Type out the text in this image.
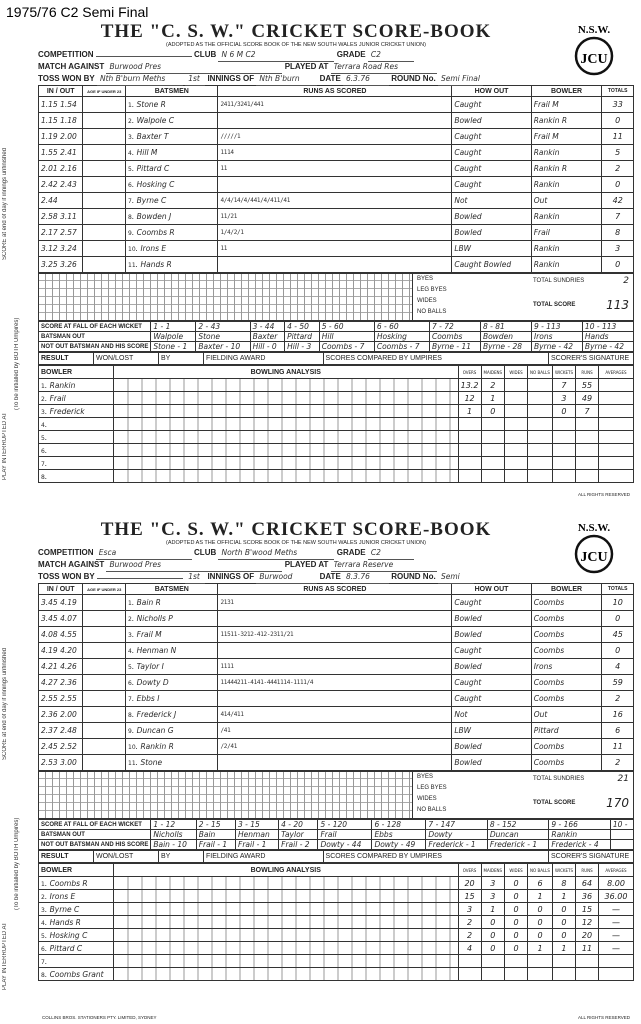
1975/76 C2 Semi Final
SCORE at end of day if innings unfinished
(To be initialled by BOTH Umpires)
PLAY INTERRUPTED AT
SCORE at end of day if innings unfinished
(To be initialled by BOTH Umpires)
PLAY INTERRUPTED AT
N.S.W.
JCU
THE "C. S. W." CRICKET SCORE-BOOK
(ADOPTED AS THE OFFICIAL SCORE BOOK OF THE NEW SOUTH WALES JUNIOR CRICKET UNION)
COMPETITION	CLUB N 6 M C2	GRADE C2
MATCH AGAINST Burwood Pres	PLAYED AT Terrara Road Res
TOSS WON BY Nth B'burn Meths	1st INNINGS OF Nth B'burn DATE 6.3.76	ROUND No. Semi Final
IN / OUT	AGE IF UNDER 23	BATSMEN	RUNS AS SCORED	HOW OUT	BOWLER	TOTALS
1.15 1.54		1. Stone R	2411/3241/441	Caught	Frail M	33
1.15 1.18		2. Walpole C		Bowled	Rankin R	0
1.19 2.00		3. Baxter T	/////1	Caught	Frail M	11
1.55 2.41		4. Hill M	1114	Caught	Rankin	5
2.01 2.16		5. Pittard C	11	Caught	Rankin R	2
2.42 2.43		6. Hosking C		Caught	Rankin	0
2.44		7. Byrne C	4/4/14/4/441/4/411/41	Not	Out	42
2.58 3.11		8. Bowden J	11/21	Bowled	Rankin	7
2.17 2.57		9. Coombs R	1/4/2/1	Bowled	Frail	8
3.12 3.24		10. Irons E	11	LBW	Rankin	3
3.25 3.26		11. Hands R		Caught Bowled	Rankin	0
BYES
LEG BYES
WIDES
NO BALLS
TOTAL SUNDRIES	2
TOTAL SCORE	113
SCORE AT FALL OF EACH WICKET	1 - 1	2 - 43	3 - 44	4 - 50	5 - 60	6 - 60	7 - 72	8 - 81	9 - 113	10 - 113
BATSMAN OUT	Walpole	Stone	Baxter	Pittard	Hill	Hosking	Coombs	Bowden	Irons	Hands
NOT OUT BATSMAN AND HIS SCORE	Stone - 1	Baxter - 10	Hill - 0	Hill - 3	Coombs - 7	Coombs - 7	Byrne - 11	Byrne - 28	Byrne - 42	Byrne - 42
RESULT	WON/LOST	BY	FIELDING AWARD	SCORES COMPARED BY UMPIRES	SCORER'S SIGNATURE
BOWLER	BOWLING ANALYSIS	OVERS	MAIDENS	WIDES	NO BALLS	WICKETS	RUNS	AVERAGES
1. Rankin		13.2	2			7	55	
2. Frail		12	1			3	49	
3. Frederick		1	0			0	7	
4.								
5.								
6.								
7.								
8.								
ALL RIGHTS RESERVED
N.S.W.
JCU
THE "C. S. W." CRICKET SCORE-BOOK
(ADOPTED AS THE OFFICIAL SCORE BOOK OF THE NEW SOUTH WALES JUNIOR CRICKET UNION)
COMPETITION Esca	CLUB North B'wood Meths	GRADE C2
MATCH AGAINST Burwood Pres	PLAYED AT Terrara Reserve
TOSS WON BY	1st INNINGS OF Burwood	DATE 8.3.76	ROUND No. Semi
IN / OUT	AGE IF UNDER 23	BATSMEN	RUNS AS SCORED	HOW OUT	BOWLER	TOTALS
3.45 4.19		1. Bain R	2131	Caught	Coombs	10
3.45 4.07		2. Nicholls P		Bowled	Coombs	0
4.08 4.55		3. Frail M	11511-3212-412-2311/21	Bowled	Coombs	45
4.19 4.20		4. Henman N		Caught	Coombs	0
4.21 4.26		5. Taylor I	1111	Bowled	Irons	4
4.27 2.36		6. Dowty D	11444211-4141-4441114-1111/4	Caught	Coombs	59
2.55 2.55		7. Ebbs I		Caught	Coombs	2
2.36 2.00		8. Frederick J	414/411	Not	Out	16
2.37 2.48		9. Duncan G	/41	LBW	Pittard	6
2.45 2.52		10. Rankin R	/2/41	Bowled	Coombs	11
2.53 3.00		11. Stone		Bowled	Coombs	2
BYES
LEG BYES
WIDES
NO BALLS
TOTAL SUNDRIES	21
TOTAL SCORE	170
SCORE AT FALL OF EACH WICKET	1 - 12	2 - 15	3 - 15	4 - 20	5 - 120	6 - 128	7 - 147	8 - 152	9 - 166	10 -
BATSMAN OUT	Nicholls	Bain	Henman	Taylor	Frail	Ebbs	Dowty	Duncan	Rankin	
NOT OUT BATSMAN AND HIS SCORE	Bain - 10	Frail - 1	Frail - 1	Frail - 2	Dowty - 44	Dowty - 49	Frederick - 1	Frederick - 1	Frederick - 4	
RESULT	WON/LOST	BY	FIELDING AWARD	SCORES COMPARED BY UMPIRES	SCORER'S SIGNATURE
BOWLER	BOWLING ANALYSIS	OVERS	MAIDENS	WIDES	NO BALLS	WICKETS	RUNS	AVERAGES
1. Coombs R		20	3	0	6	8	64	8.00
2. Irons E		15	3	0	1	1	36	36.00
3. Byrne C		3	1	0	0	0	15	—
4. Hands R		2	0	0	0	0	12	—
5. Hosking C		2	0	0	0	0	20	—
6. Pittard C		4	0	0	1	1	11	—
7.								
8. Coombs Grant								
COLLINS BROS. STATIONERS PTY. LIMITED, SYDNEY	ALL RIGHTS RESERVED
